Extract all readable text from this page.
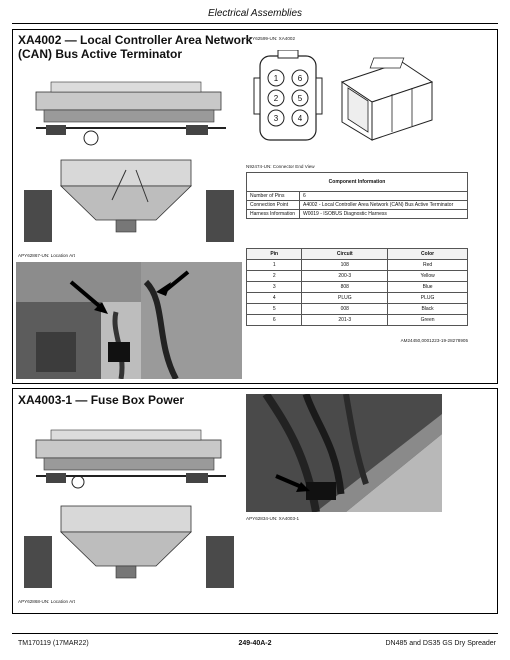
Electrical Assemblies
XA4002 — Local Controller Area Network
(CAN) Bus Active Terminator
APY62867-UN: Location Art
APY62599-UN: XA4002
1
2
3
6
5
4
N92474-UN: Connector End View
Component Information	
Number of Pins	6
Connection Point	A4002 - Local Controller Area Network (CAN) Bus Active Terminator
Harness Information	W0019 - ISOBUS Diagnostic Harness
Pin	Circuit	Color
1	108	Red
2	200-3	Yellow
3	808	Blue
4	PLUG	PLUG
5	008	Black
6	201-3	Green
AM24450,0001223-19-28278905
XA4003-1 — Fuse Box Power
APY62868-UN: Location Art
APY62834-UN: XA4003-1
TM170119 (17MAR22)	249-40A-2	DN485 and DS35 GS Dry Spreader
